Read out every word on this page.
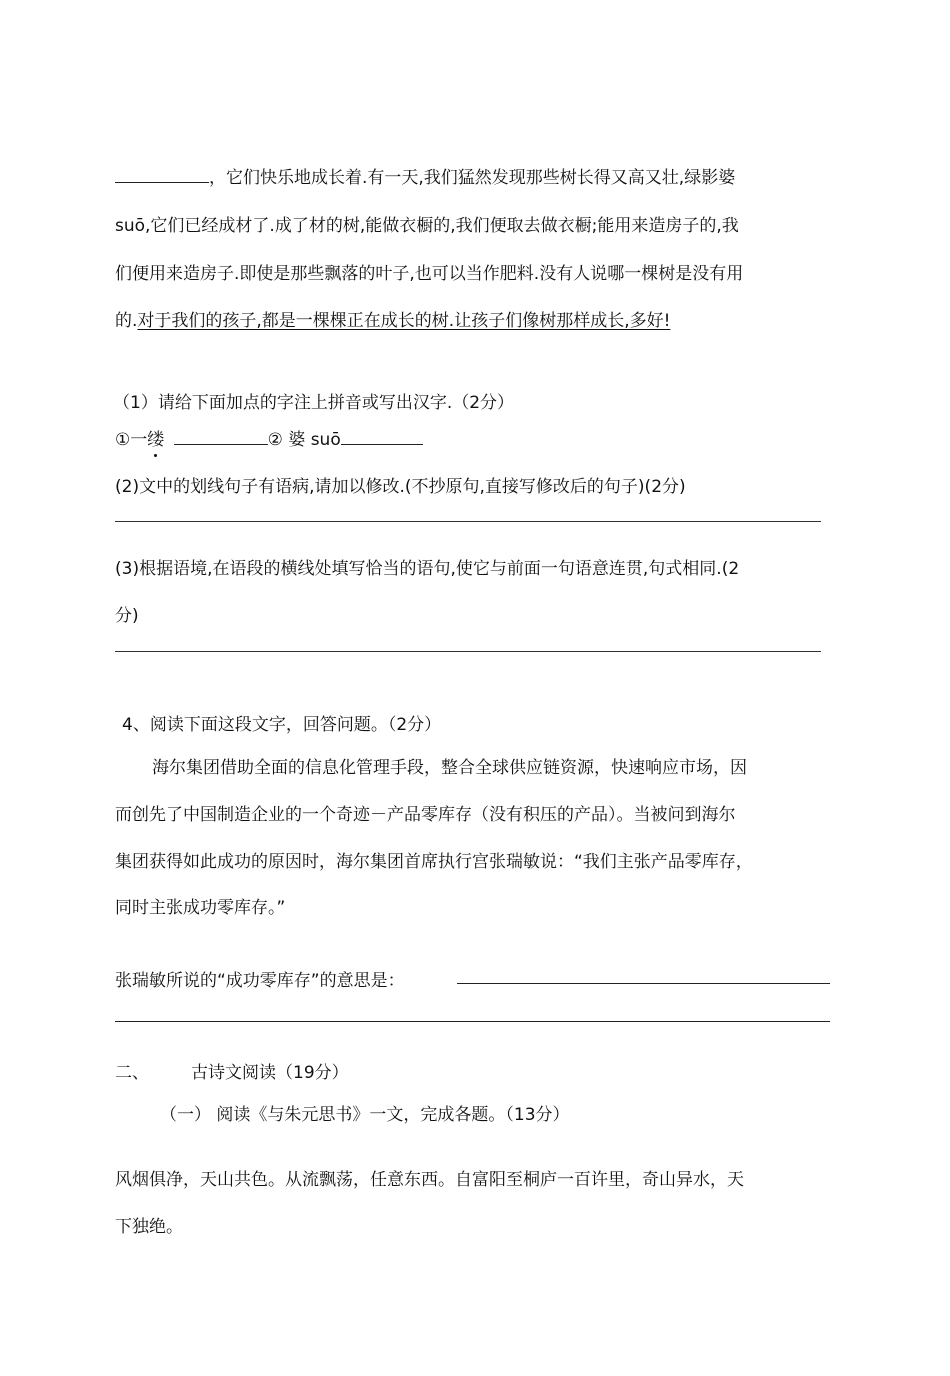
，它们快乐地成长着.有一天,我们猛然发现那些树长得又高又壮,绿影婆
suō,它们已经成材了.成了材的树,能做衣橱的,我们便取去做衣橱;能用来造房子的,我
们便用来造房子.即使是那些飘落的叶子,也可以当作肥料.没有人说哪一棵树是没有用
的.对于我们的孩子,都是一棵棵正在成长的树.让孩子们像树那样成长,多好!
（1）请给下面加点的字注上拼音或写出汉字.（2分）
①一缕	② 婆 suō
(2)文中的划线句子有语病,请加以修改.(不抄原句,直接写修改后的句子)(2分)
(3)根据语境,在语段的横线处填写恰当的语句,使它与前面一句语意连贯,句式相同.(2
分)
4、阅读下面这段文字，回答问题。（2分）
海尔集团借助全面的信息化管理手段，整合全球供应链资源，快速响应市场，因
而创先了中国制造企业的一个奇迹－产品零库存（没有积压的产品）。当被问到海尔
集团获得如此成功的原因时，海尔集团首席执行宫张瑞敏说：“我们主张产品零库存，
同时主张成功零库存。”
张瑞敏所说的“成功零库存”的意思是：
二、 古诗文阅读（19分）
（一） 阅读《与朱元思书》一文，完成各题。（13分）
风烟俱净，天山共色。从流飘荡，任意东西。自富阳至桐庐一百许里，奇山异水，天
下独绝。
